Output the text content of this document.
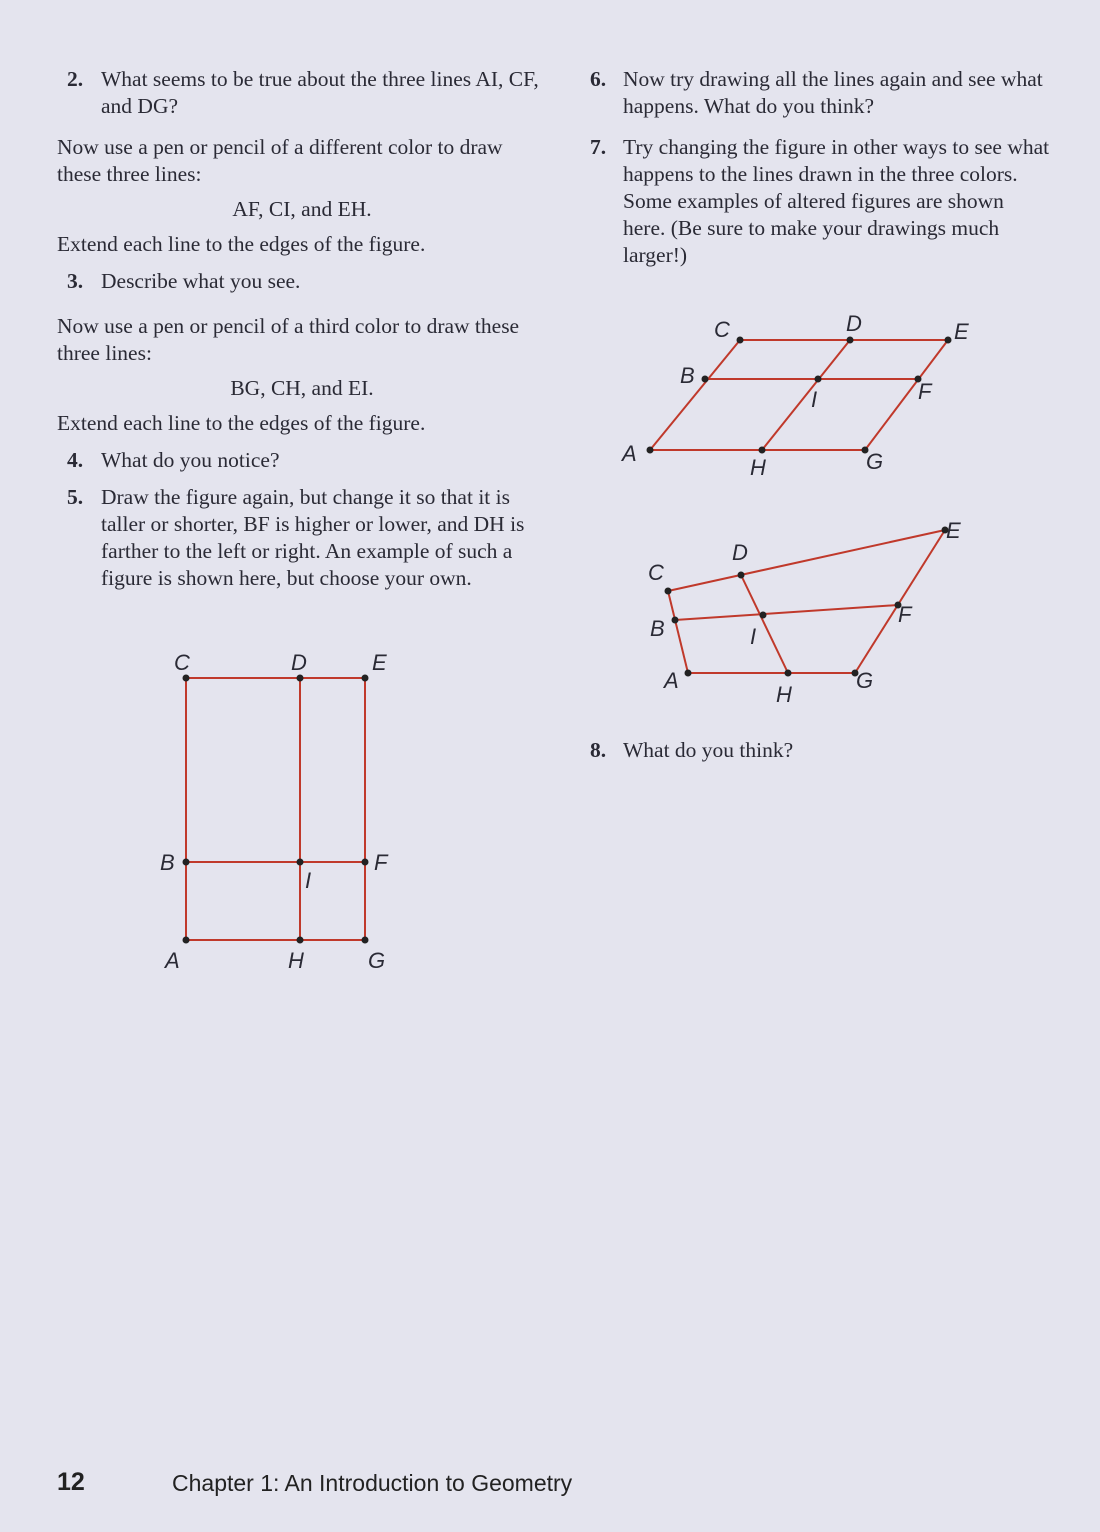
2. What seems to be true about the three lines AI, CF, and DG?

Now use a pen or pencil of a different color to draw these three lines:

AF, CI, and EH.

Extend each line to the edges of the figure.

3. Describe what you see.

Now use a pen or pencil of a third color to draw these three lines:

BG, CH, and EI.

Extend each line to the edges of the figure.

4. What do you notice?
5. Draw the figure again, but change it so that it is taller or shorter, BF is higher or lower, and DH is farther to the left or right. An example of such a figure is shown here, but choose your own.
6. Now try drawing all the lines again and see what happens. What do you think?
7. Try changing the figure in other ways to see what happens to the lines drawn in the three colors. Some examples of altered figures are shown here. (Be sure to make your drawings much larger!)
8. What do you think?
C	D	E
B
I
F
A	H	G
C	D	E
B
I	F
A
H	G
C
D
E
B	I
F
A
H
G
12	Chapter 1: An Introduction to Geometry
